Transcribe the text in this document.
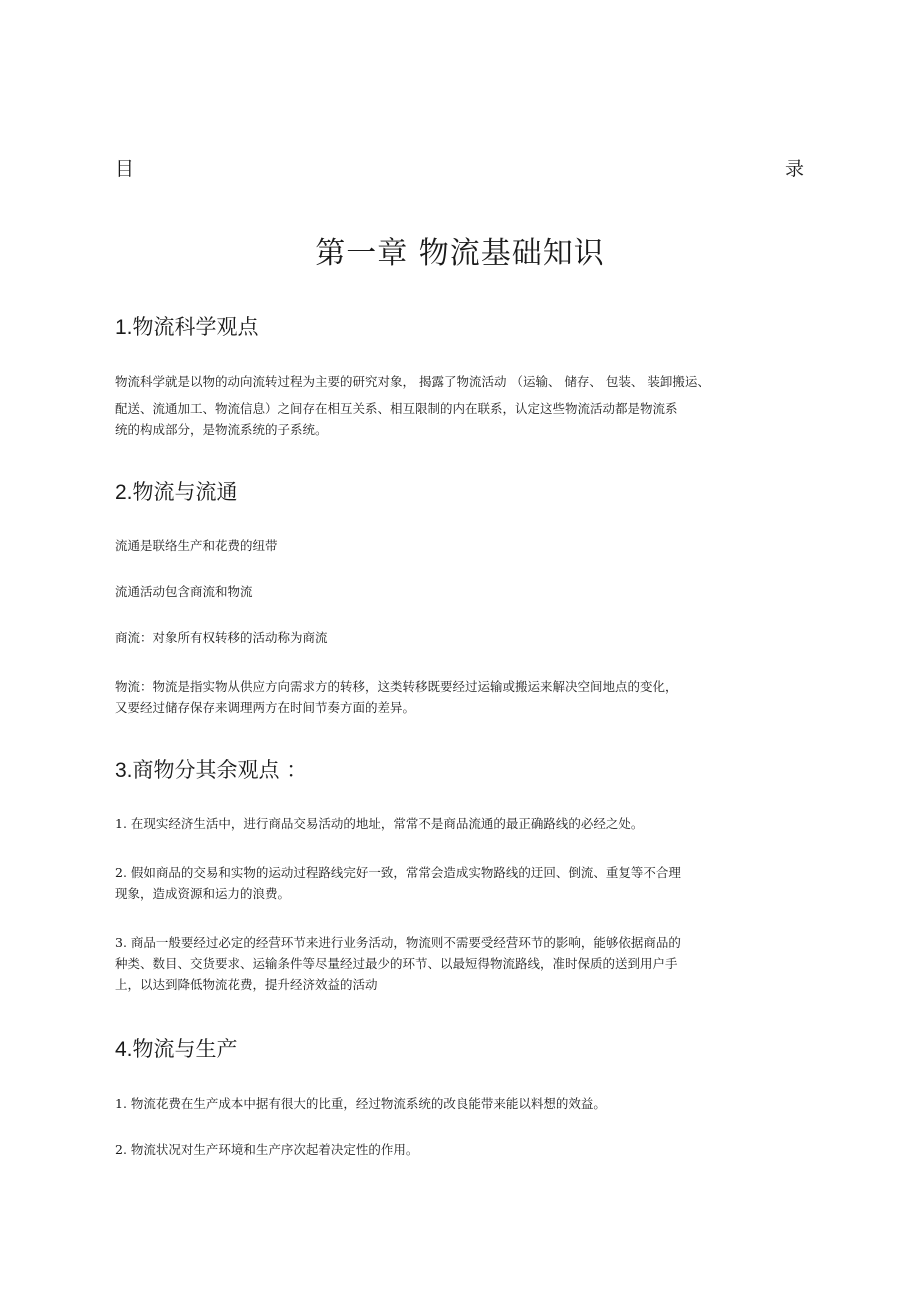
目	录
第一章 物流基础知识
1.物流科学观点
物流科学就是以物的动向流转过程为主要的研究对象， 揭露了物流活动 （运输、 储存、 包装、 装卸搬运、
配送、流通加工、物流信息）之间存在相互关系、相互限制的内在联系，认定这些物流活动都是物流系
统的构成部分，是物流系统的子系统。
2.物流与流通
流通是联络生产和花费的纽带
流通活动包含商流和物流
商流：对象所有权转移的活动称为商流
物流：物流是指实物从供应方向需求方的转移，这类转移既要经过运输或搬运来解决空间地点的变化，
又要经过储存保存来调理两方在时间节奏方面的差异。
3.商物分其余观点 ：
1. 在现实经济生活中，进行商品交易活动的地址，常常不是商品流通的最正确路线的必经之处。
2. 假如商品的交易和实物的运动过程路线完好一致，常常会造成实物路线的迂回、倒流、重复等不合理
现象，造成资源和运力的浪费。
3. 商品一般要经过必定的经营环节来进行业务活动，物流则不需要受经营环节的影响，能够依据商品的
种类、数目、交货要求、运输条件等尽量经过最少的环节、以最短得物流路线，准时保质的送到用户手
上，以达到降低物流花费，提升经济效益的活动
4.物流与生产
1. 物流花费在生产成本中据有很大的比重，经过物流系统的改良能带来能以料想的效益。
2. 物流状况对生产环境和生产序次起着决定性的作用。
